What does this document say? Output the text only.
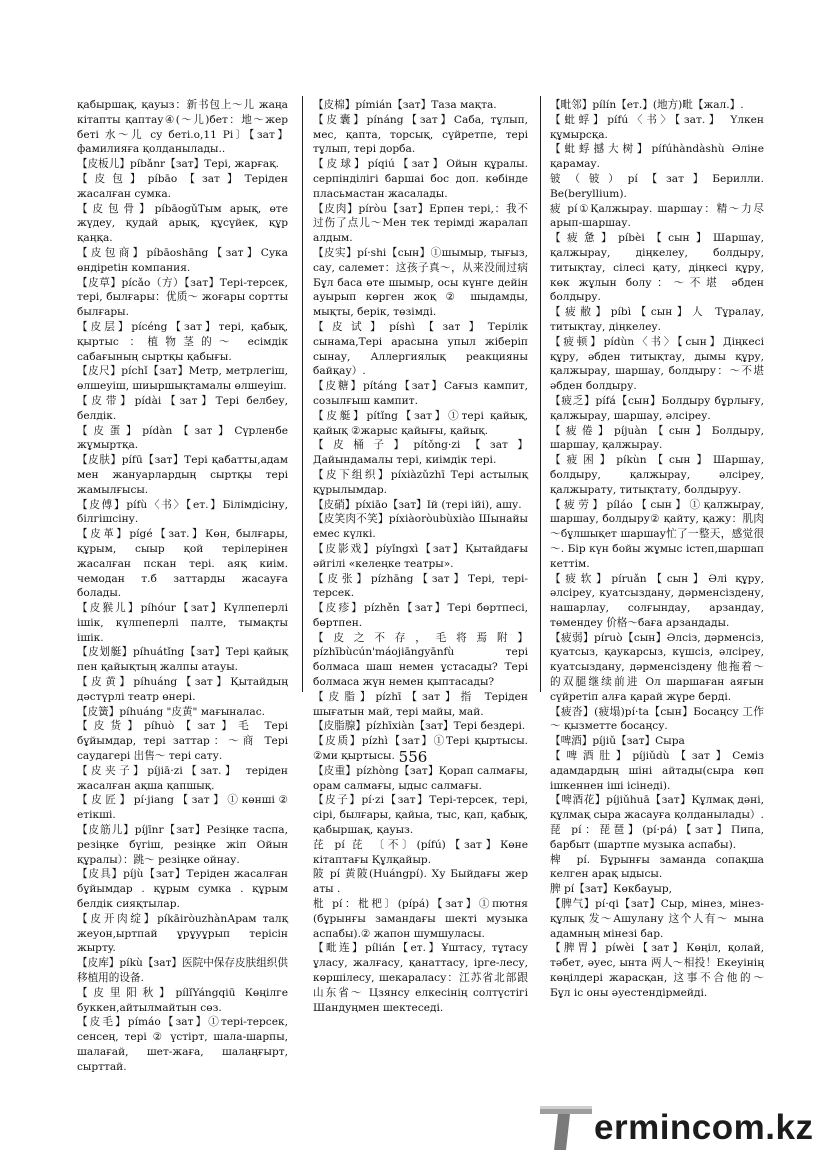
қабыршақ, қауыз：新书包上～儿 жаңа кітапты қаптау④(～儿)бет：地～жер беті 水～儿 су беті.о,11 Pi〕【зат】фамилияға қолданылады..

【皮板儿】píbǎnr【зат】Тері, жарғақ.

【皮包】píbāo【зат】Теріден жасалған сумка.

【皮包骨】píbāogǔТым арық, өте жүдеу, қудай арық, құсүйек, құр қаңқа.

【皮包商】píbāoshāng【зат】Сука өндірetін компания.

【皮草】pícǎo（方）【зат】Тері-терсек, тері, былғары：优质～ жоғары сортты былғары.

【皮层】pícéng【зат】тері, қабық, қыртыс ：植物茎的～ есімдік сабағының сыртқы қабығы.

【皮尺】píchǐ【зат】Метр, метрлегіш, өлшеуіш, шиыршықтамалы өлшеуіш.

【皮带】pídài【зат】Тері белбеу, белдік.

【皮蛋】pídàn【зат】Сүрленбе жұмыртқа.

【皮肤】pífū【зат】Тері қабатты,адам мен жануарлардың сыртқы тері жамылғысы.

【皮傅】pífù〈书〉【ет.】Білімдісіну, білгішсіну.

【皮革】pígé【зат.】Көн, былғары, құрым, сыыр қой терілерінен жасалған пскан тері. аяқ киім. чемодан т.б заттарды жасауға болады.

【皮猴儿】píhóur【зат】Күлпеперлі ішік, күлпеперлі палте, тымақты ішік.

【皮划艇】píhuátǐng【зат】Тері қайық пен қайықтың жалпы атауы.

【皮黄】píhuáng【зат】Қытайдың дәстүрлі театр өнері.

【皮簧】píhuáng "皮黄" мағыналас.

【皮货】píhuò【зат】毛 Тері бұйымдар, тері заттар：～商 Тері саудагері 出售～ тері сату.

【皮夹子】píjiā·zi【зат.】 теріден жасалған ақша қапшық.

【皮匠】pí·jiang【зат】①көнші② етікші.

【皮筋儿】píjīnr【зат】Резіңке таспа, резіңке бүгіш, резіңке жіп Ойын құралы）：跳～ резіңке ойнау.

【皮具】píjù【зат】Теріден жасалған бұйымдар . құрым сумка . құрым белдік сияқтылар.

【皮开肉绽】píkāiròuzhànАрам талқ жеуон,ыртпай ұрұуұрып терісін жыртy.

【皮库】píkù【зат】医院中保存皮肤组织供移植用的设备.

【皮里阳秋】pílǐYángqiū Көңілге буккен,айтылмайтын сөз.

【皮毛】pímáo【зат】①тері-терсек, сенсең, тері ② үстірт, шала-шарпы, шалағай, шет-жаға, шалаңғырт, сырттай.

【皮棉】pímián【зат】Таза мақта.

【皮囊】pínáng【зат】Саба, тұлып, мес, қапта, торсық, сүйретпе, тері тұлып, тері дорба.

【皮球】píqiú【зат】Ойын құралы. серпінділігі баршаі бос доп. көбінде пласьмастан жасалады.

【皮肉】píròu【зат】Ерпен тері,：我不过伤了点儿～Мен тек терімді жаралап алдым.

【皮实】pí·shi【сын】①шымыр, тығыз, сау, салемет：这孩子真～，从来没闹过病 Бұл баса өте шымыр, осы күнге дейін ауырып көрген жоқ ② шыдамды, мықты, берік, төзімді.

【皮试】píshì【зат】Терілік сынама,Тері арасына упыл жіберіп сынау, Аллергиялық реакцияны байқау）.

【皮糖】pítáng【зат】Сағыз кампит, созылғыш кампит.

【皮艇】pítǐng【зат】①тері қайық, қайық ②жарыс қайығы, қайық.

【皮桶子】pítǒng·zi【зат】Дайындамалы тері, киімдік тері.

【皮下组织】píxiàzǔzhī Тері астылық құрылымдар.

【皮硝】píxiāo【зат】Ій (тері ійі), ашу.

【皮笑肉不笑】píxiàoròubùxiào Шынайы емес күлкі.

【皮影戏】píyǐngxì【зат】Қытайдағы әйгілі «келеңке театры».

【皮张】pízhāng【зат】Тері, тері-терсек.

【皮疹】pízhěn【зат】Тері бөртпесі, бөртпен.

【皮之不存，毛将焉附】pízhībùcún'máojiāngyānfù тері болмаса шаш немен ұстасады? Тері болмаса жүн немен қыптасады?

【皮脂】pízhī【зат】指 Теріден шығатын май, тері майы, май.

【皮脂腺】pízhīxiàn【зат】Тері бездері.

【皮质】pízhì【зат】①Тері қыртысы. ②ми қыртысы.

【皮重】pízhòng【зат】Қорап салмағы, орам салмағы, ыдыс салмағы.

【皮子】pí·zi【зат】Тері-терсек, тері, сірі, былғары, қайыа, тыс, қап, қабық, қабыршақ, қауыз.

芘 pí 芘 〔不〕(pífú)【зат】Көне кітаптағы Құлқайыр.

陂 pí 黄陂(Huángpí). Ху Быйдағы жер аты .

枇 pí：枇杷〕(pípá)【зат】①пютня (бұрынғы замандағы шекті музыка аспабы).② жапон шумшуласы.

【毗连】pílián【ет.】Ұштасу, тұтасу ұласу, жалғасу, қанаттасу, ірге-лесу, көршілесу, шекараласу：江苏省北部跟山东省～ Цзянсу елкесінің солтүстігі Шандуңмен шектеседі.

【毗邻】pílín【ет.】(地方)毗【жал.】.

【蚍蜉】pífú〈书〉【зат.】 Үлкен құмырсқа.

【蚍蜉撼大树】pífúhàndàshù Әліне қарамау.

铍（铍）pí【зат】Берилли. Be(beryllium).

疲 pí①Қалжырау. шаршау：精～力尽 арып-шаршау.

【疲惫】píbèi【сын】Шаршау, қалжырау, діңкелеу, болдыру, титықтау, сілесі қату, діңкесі құру, көк жұлын болу：～不堪 әбден болдыру.

【疲敝】píbì【сын】人 Тұралау, титықтау, діңкелеу.

【疲顿】pídùn〈书〉【сын】Діңкесі құру, әбден титықтау, дымы құру, қалжырау, шаршау, болдыру：～不堪 әбден болдыру.

【疲乏】pífá【сын】Болдыру бұрлығу, қалжырау, шаршау, әлсірeу.

【疲倦】píjuàn【сын】Болдыру, шаршау, қалжырау.

【疲困】píkùn【сын】Шаршау, болдыру, қалжырау, әлсіреу, қалжырату, титықтату, болдыруу.

【疲劳】píláo【сын】①қалжырау, шаршау, болдыру② қайту, қажу：肌肉～бұлшықет шаршау忙了一整天，感觉很～. Бір күн бойы жұмыс істеп,шаршап кеттім.

【疲软】píruǎn【сын】Әлі құру, әлсіреу, куатсыздану, дәрменсіздену, нашарлау, солғындау, арзандау, төмендеу 价格～баға арзандады.

【疲弱】píruò【сын】Әлсіз, дәрменсіз, қуатсыз, қаукарсыз, күшсіз, әлсіреу, куатсыздану, дәрменсіздену 他拖着～的双腿继续前进 Ол шаршаған аяғын сүйретіп алға қарай жүре берді.

【疲沓】(疲塌)pí·ta【сын】Босаңсу 工作～ қызметте босаңсу.

【啤酒】píjiǔ【зат】Сыра

【啤酒肚】píjiǔdù【зат】Семіз адамдардың шіні айтады(сыра көп ішкеннен іші ісінеді).

【啤酒花】píjiǔhuā【зат】Құлмақ дәні, құлмақ сыра жасауға қолданылады）.

琵 pí：琵琶】(pí·pá)【зат】Пипа, барбыт (шартпе музыка аспабы).

椑 pí. Бұрынғы заманда сопақша келген арақ ыдысы.

脾 pí【зат】Көкбауыр,

【脾气】pí·qi【зат】Сыр, мінез, мінез-құлық 发～Ашулану 这个人有～ мына адамның мінезі бар.

【脾胃】píwèi【зат】Көңіл, қолай, тәбет, әуес, ынта 两人～相投！Екеуінің көңілдері жарасқан, 这事不合他的～ Бұл іс оны әуестендірмейді.

556
ermincom.kz
